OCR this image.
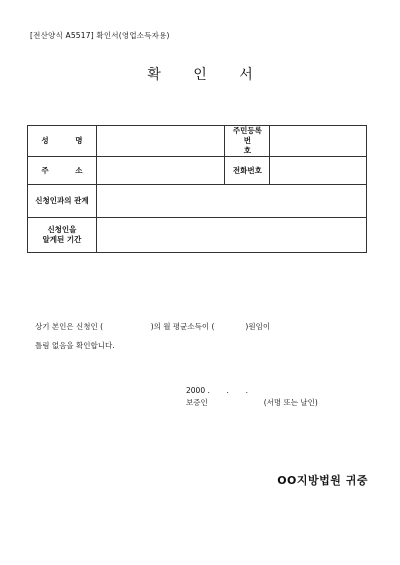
[전산양식 A5517] 확인서(영업소득자용)
확 인 서
성 명		주민등록
번 호	

주 소		전화번호	
신청인과의 관계			

신청인을
알게된 기간			

상기 본인은 신청인 (                    )의 월 평균소득이 (             )원임이
틀림 없음을 확인합니다.
2000 .       .       .
보증인	(서명 또는 날인)
OO지방법원 귀중
